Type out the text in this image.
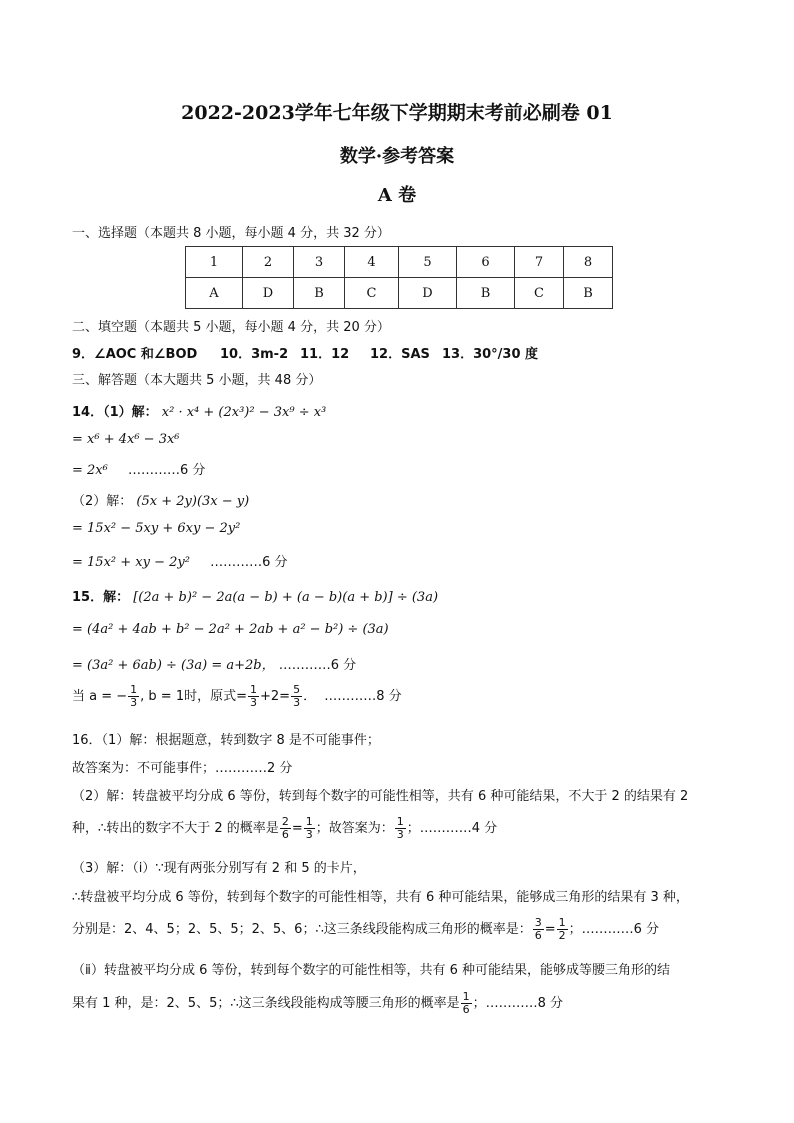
2022-2023学年七年级下学期期末考前必刷卷 01
数学·参考答案
A 卷
一、选择题（本题共 8 小题，每小题 4 分，共 32 分）
1	2	3	4	5	6	7	8
A	D	B	C	D	B	C	B
二、填空题（本题共 5 小题，每小题 4 分，共 20 分）
9．∠AOC 和∠BOD 10．3m-2 11．12 12．SAS 13．30°/30 度
三、解答题（本大题共 5 小题，共 48 分）
14．（1）解： x² · x⁴ + (2x³)² − 3x⁹ ÷ x³
= x⁶ + 4x⁶ − 3x⁶
= 2x⁶ …………6 分
（2）解： (5x + 2y)(3x − y)
= 15x² − 5xy + 6xy − 2y²
= 15x² + xy − 2y² …………6 分
15．解： [(2a + b)² − 2a(a − b) + (a − b)(a + b)] ÷ (3a)
= (4a² + 4ab + b² − 2a² + 2ab + a² − b²) ÷ (3a)
= (3a² + 6ab) ÷ (3a) = a+2b， …………6 分
当 a = − $\frac{1}{3}$ , b = 1时，原式= $\frac{1}{3} +2= \frac{5}{3}$ ． …………8 分
16．（1）解：根据题意，转到数字 8 是不可能事件；
故答案为：不可能事件；…………2 分
（2）解：转盘被平均分成 6 等份，转到每个数字的可能性相等，共有 6 种可能结果，不大于 2 的结果有 2
种，∴转出的数字不大于 2 的概率是 $\frac{2}{6} = \frac{1}{3}$ ；故答案为： $\frac{1}{3}$ ；…………4 分
（3）解：（i）∵现有两张分别写有 2 和 5 的卡片，
∴转盘被平均分成 6 等份，转到每个数字的可能性相等，共有 6 种可能结果，能够成三角形的结果有 3 种，
分别是：2、4、5；2、5、5；2、5、6；∴这三条线段能构成三角形的概率是： $\frac{3}{6} = \frac{1}{2}$ ；…………6 分
（ⅱ）转盘被平均分成 6 等份，转到每个数字的可能性相等，共有 6 种可能结果，能够成等腰三角形的结
果有 1 种，是：2、5、5；∴这三条线段能构成等腰三角形的概率是 $\frac{1}{6}$ ；…………8 分
